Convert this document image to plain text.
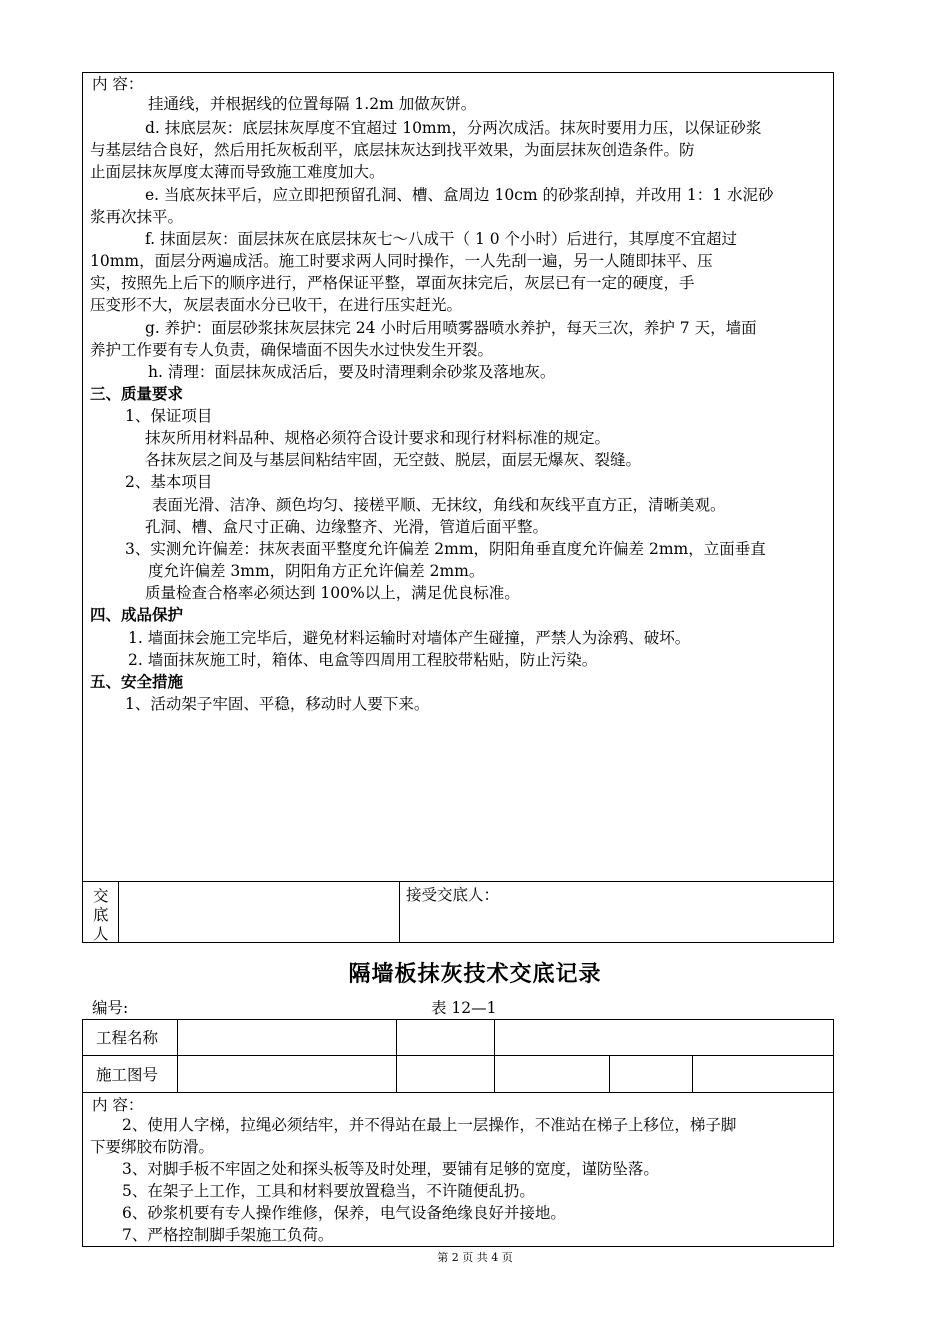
内 容：
挂通线，并根据线的位置每隔 1.2m 加做灰饼。
d. 抹底层灰：底层抹灰厚度不宜超过 10mm，分两次成活。抹灰时要用力压，以保证砂浆
与基层结合良好，然后用托灰板刮平，底层抹灰达到找平效果，为面层抹灰创造条件。防
止面层抹灰厚度太薄而导致施工难度加大。
e. 当底灰抹平后，应立即把预留孔洞、槽、盒周边 10cm 的砂浆刮掉，并改用 1：1 水泥砂
浆再次抹平。
f. 抹面层灰：面层抹灰在底层抹灰七～八成干（ 1 0 个小时）后进行，其厚度不宜超过
10mm，面层分两遍成活。施工时要求两人同时操作，一人先刮一遍，另一人随即抹平、压
实，按照先上后下的顺序进行，严格保证平整，罩面灰抹完后，灰层已有一定的硬度，手
压变形不大，灰层表面水分已收干，在进行压实赶光。
g. 养护：面层砂浆抹灰层抹完 24 小时后用喷雾器喷水养护，每天三次，养护 7 天，墙面
养护工作要有专人负责，确保墙面不因失水过快发生开裂。
h. 清理：面层抹灰成活后，要及时清理剩余砂浆及落地灰。
三、质量要求
1、保证项目
抹灰所用材料品种、规格必须符合设计要求和现行材料标准的规定。
各抹灰层之间及与基层间粘结牢固，无空鼓、脱层，面层无爆灰、裂缝。
2、基本项目
表面光滑、洁净、颜色均匀、接槎平顺、无抹纹，角线和灰线平直方正，清晰美观。
孔洞、槽、盒尺寸正确、边缘整齐、光滑，管道后面平整。
3、实测允许偏差：抹灰表面平整度允许偏差 2mm，阴阳角垂直度允许偏差 2mm，立面垂直
度允许偏差 3mm，阴阳角方正允许偏差 2mm。
质量检查合格率必须达到 100%以上，满足优良标准。
四、成品保护
1. 墙面抹会施工完毕后，避免材料运输时对墙体产生碰撞，严禁人为涂鸦、破坏。
2. 墙面抹灰施工时，箱体、电盒等四周用工程胶带粘贴，防止污染。
五、安全措施
1、活动架子牢固、平稳，移动时人要下来。
交
底
人
接受交底人：
隔墙板抹灰技术交底记录
编号:	表 12—1
工程名称
施工图号
内 容：
2、使用人字梯，拉绳必须结牢，并不得站在最上一层操作，不准站在梯子上移位，梯子脚
下要绑胶布防滑。
3、对脚手板不牢固之处和探头板等及时处理，要铺有足够的宽度，谨防坠落。
5、在架子上工作，工具和材料要放置稳当，不许随便乱扔。
6、砂浆机要有专人操作维修，保养，电气设备绝缘良好并接地。
7、严格控制脚手架施工负荷。
第 2 页 共 4 页
